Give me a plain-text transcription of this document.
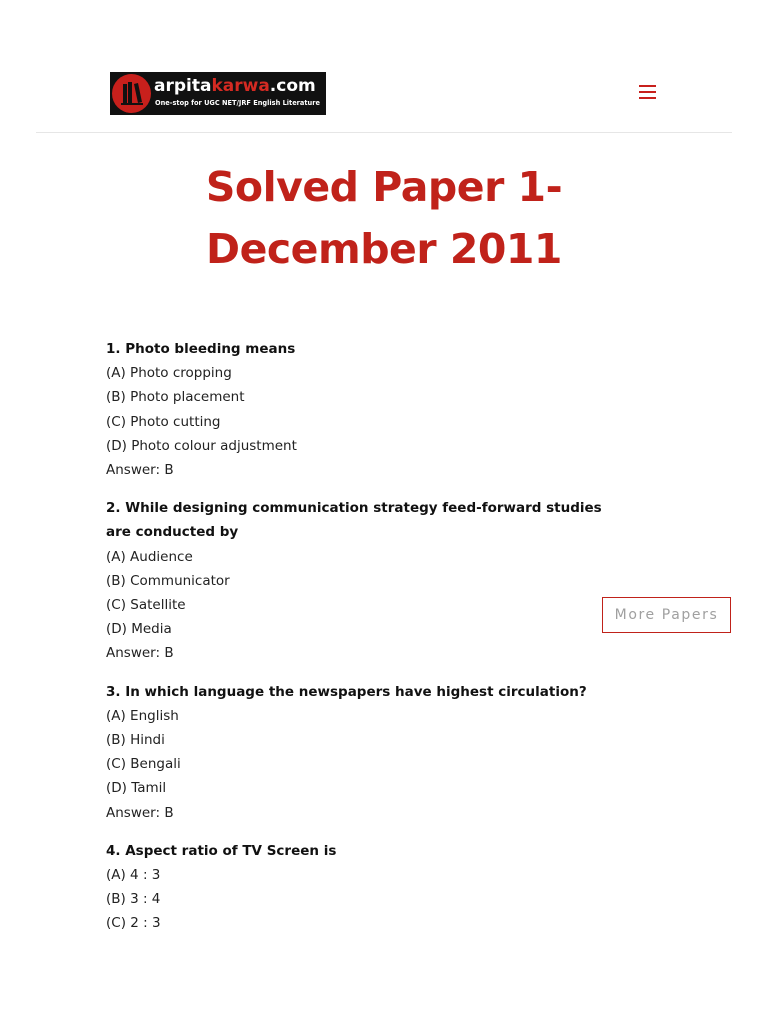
arpitakarwa.com
One-stop for UGC NET/JRF English Literature
Solved Paper 1- December 2011
1. Photo bleeding means
(A) Photo cropping
(B) Photo placement
(C) Photo cutting
(D) Photo colour adjustment
Answer: B
2. While designing communication strategy feed-forward studies are conducted by
(A) Audience
(B) Communicator
(C) Satellite
(D) Media
Answer: B
3. In which language the newspapers have highest circulation?
(A) English
(B) Hindi
(C) Bengali
(D) Tamil
Answer: B
4. Aspect ratio of TV Screen is
(A) 4 : 3
(B) 3 : 4
(C) 2 : 3
More Papers
